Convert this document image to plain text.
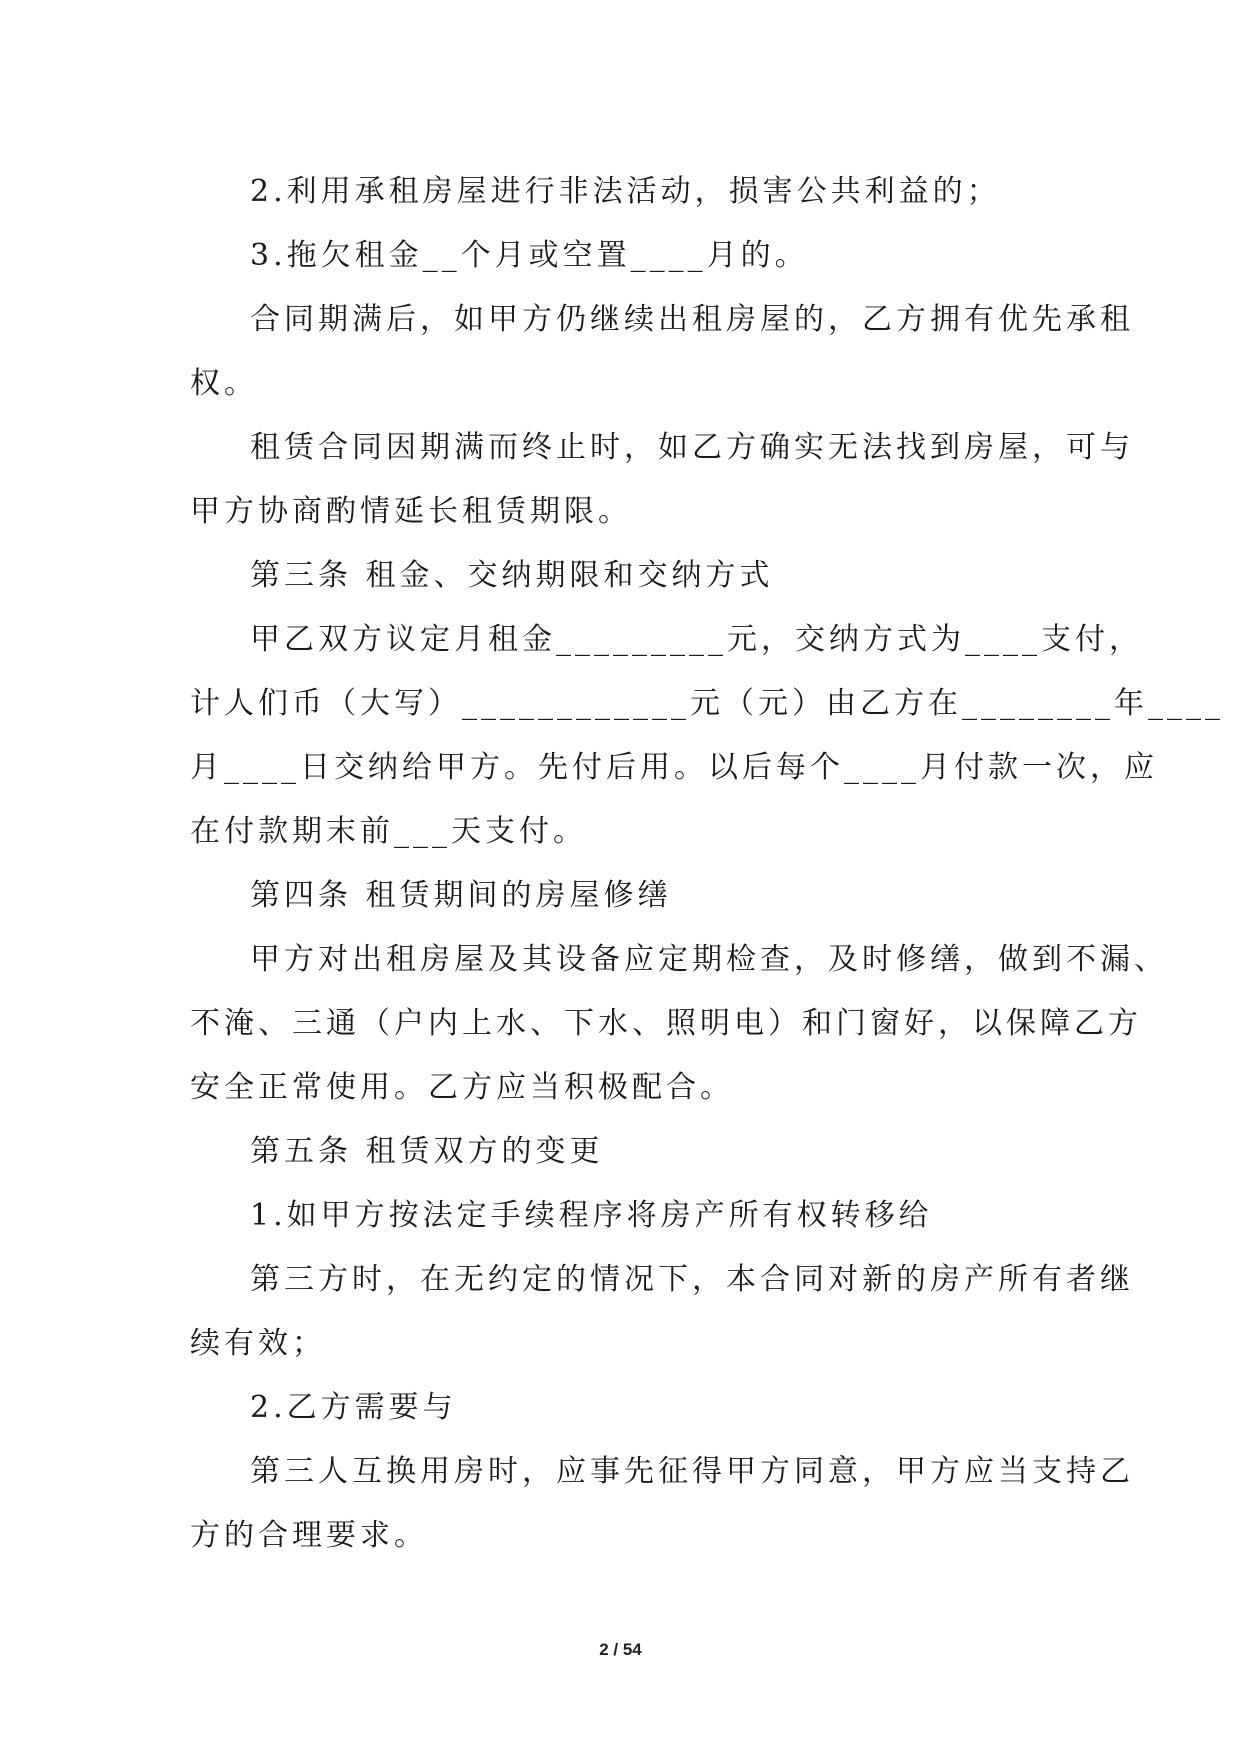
2.利用承租房屋进行非法活动，损害公共利益的；
3.拖欠租金__个月或空置____月的。
合同期满后，如甲方仍继续出租房屋的，乙方拥有优先承租
权。
租赁合同因期满而终止时，如乙方确实无法找到房屋，可与
甲方协商酌情延长租赁期限。
第三条 租金、交纳期限和交纳方式
甲乙双方议定月租金_________元，交纳方式为____支付，
计人们币（大写）____________元（元）由乙方在________年____
月____日交纳给甲方。先付后用。以后每个____月付款一次，应
在付款期末前___天支付。
第四条 租赁期间的房屋修缮
甲方对出租房屋及其设备应定期检查，及时修缮，做到不漏、
不淹、三通（户内上水、下水、照明电）和门窗好，以保障乙方
安全正常使用。乙方应当积极配合。
第五条 租赁双方的变更
1.如甲方按法定手续程序将房产所有权转移给
第三方时，在无约定的情况下，本合同对新的房产所有者继
续有效；
2.乙方需要与
第三人互换用房时，应事先征得甲方同意，甲方应当支持乙
方的合理要求。
2 / 54
